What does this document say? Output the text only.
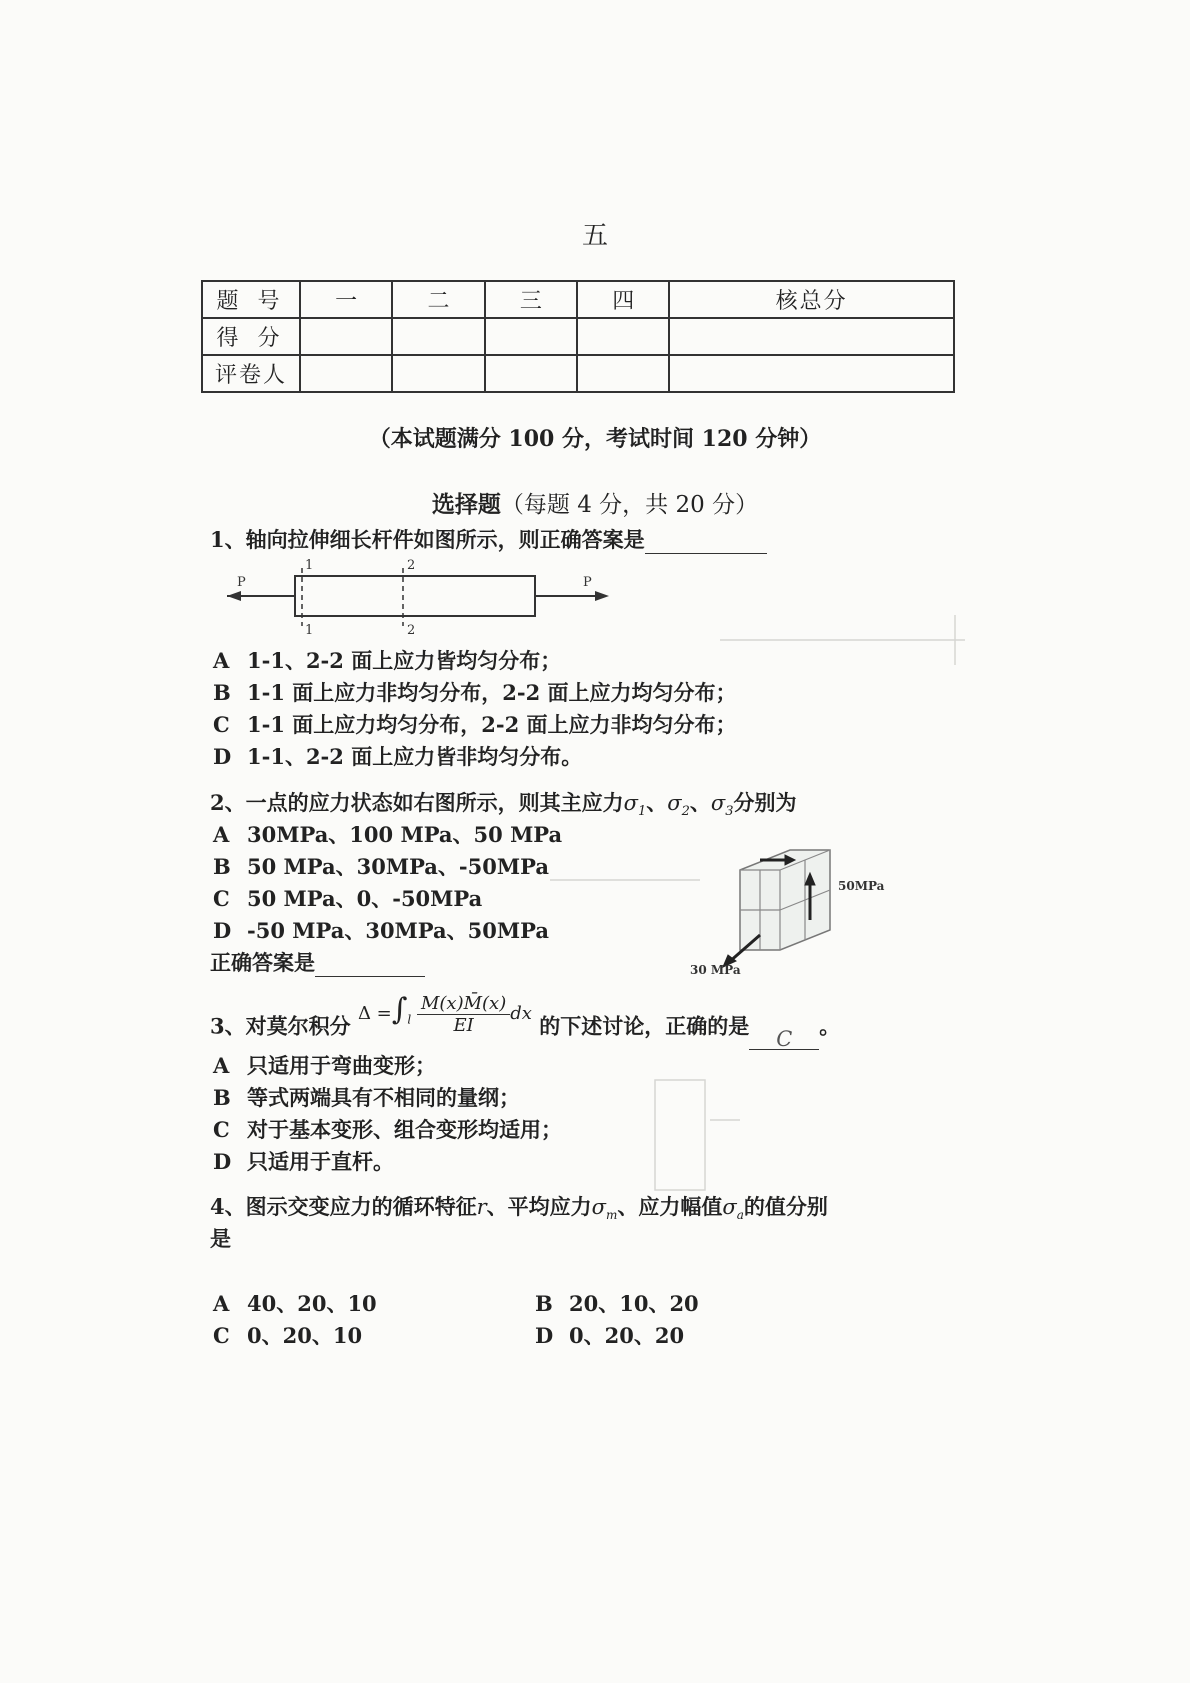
五
题 号	一	二	三	四	核总分
得 分					
评卷人					
（本试题满分 100 分，考试时间 120 分钟）
选择题（每题 4 分，共 20 分）
1、轴向拉伸细长杆件如图所示，则正确答案是
P	P
1
1
2
2
A 1-1、2-2 面上应力皆均匀分布；
B 1-1 面上应力非均匀分布，2-2 面上应力均匀分布；
C 1-1 面上应力均匀分布，2-2 面上应力非均匀分布；
D 1-1、2-2 面上应力皆非均匀分布。
2、一点的应力状态如右图所示，则其主应力$\sigma_1$、$\sigma_2$、$\sigma_3$分别为
A 30MPa、100 MPa、50 MPa
B 50 MPa、30MPa、-50MPa
C 50 MPa、0、-50MPa
D -50 MPa、30MPa、50MPa
正确答案是
50MPa
30 MPa
3、对莫尔积分 $\Delta =\int_l \frac{M(x)M̄(x)}{EI}$ dx 的下述讨论，正确的是C。
A 只适用于弯曲变形；
B 等式两端具有不相同的量纲；
C 对于基本变形、组合变形均适用；
D 只适用于直杆。
4、图示交变应力的循环特征r、平均应力$\sigma_m$、应力幅值$\sigma_a$的值分别
是
A 40、20、10	B 20、10、20
C 0、20、10	D 0、20、20
